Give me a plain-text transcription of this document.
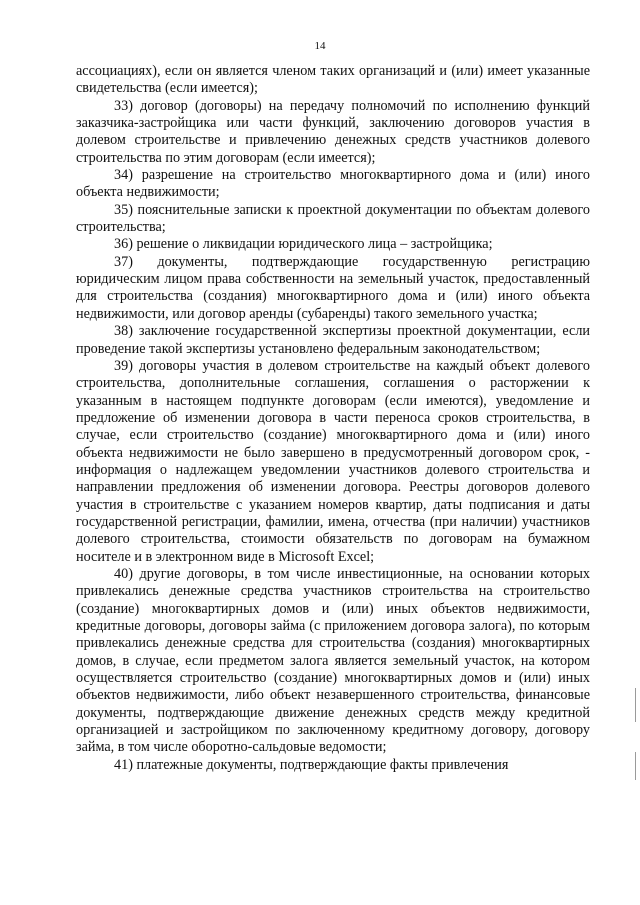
14

ассоциациях), если он является членом таких организаций и (или) имеет указанные свидетельства (если имеется);

33) договор (договоры) на передачу полномочий по исполнению функций заказчика-застройщика или части функций, заключению договоров участия в долевом строительстве и привлечению денежных средств участников долевого строительства по этим договорам (если имеется);

34) разрешение на строительство многоквартирного дома и (или) иного объекта недвижимости;

35) пояснительные записки к проектной документации по объектам долевого строительства;

36) решение о ликвидации юридического лица – застройщика;

37) документы, подтверждающие государственную регистрацию юридическим лицом права собственности на земельный участок, предоставленный для строительства (создания) многоквартирного дома и (или) иного объекта недвижимости, или договор аренды (субаренды) такого земельного участка;

38) заключение государственной экспертизы проектной документации, если проведение такой экспертизы установлено федеральным законодательством;

39) договоры участия в долевом строительстве на каждый объект долевого строительства, дополнительные соглашения, соглашения о расторжении к указанным в настоящем подпункте договорам (если имеются), уведомление и предложение об изменении договора в части переноса сроков строительства, в случае, если строительство (создание) многоквартирного дома и (или) иного объекта недвижимости не было завершено в предусмотренный договором срок, - информация о надлежащем уведомлении участников долевого строительства и направлении предложения об изменении договора. Реестры договоров долевого участия в строительстве с указанием номеров квартир, даты подписания и даты государственной регистрации, фамилии, имена, отчества (при наличии) участников долевого строительства, стоимости обязательств по договорам на бумажном носителе и в электронном виде в Microsoft Excel;

40) другие договоры, в том числе инвестиционные, на основании которых привлекались денежные средства участников строительства на строительство (создание) многоквартирных домов и (или) иных объектов недвижимости, кредитные договоры, договоры займа (с приложением договора залога), по которым привлекались денежные средства для строительства (создания) многоквартирных домов, в случае, если предметом залога является земельный участок, на котором осуществляется строительство (создание) многоквартирных домов и (или) иных объектов недвижимости, либо объект незавершенного строительства, финансовые документы, подтверждающие движение денежных средств между кредитной организацией и застройщиком по заключенному кредитному договору, договору займа, в том числе оборотно-сальдовые ведомости;

41) платежные документы, подтверждающие факты привлечения
